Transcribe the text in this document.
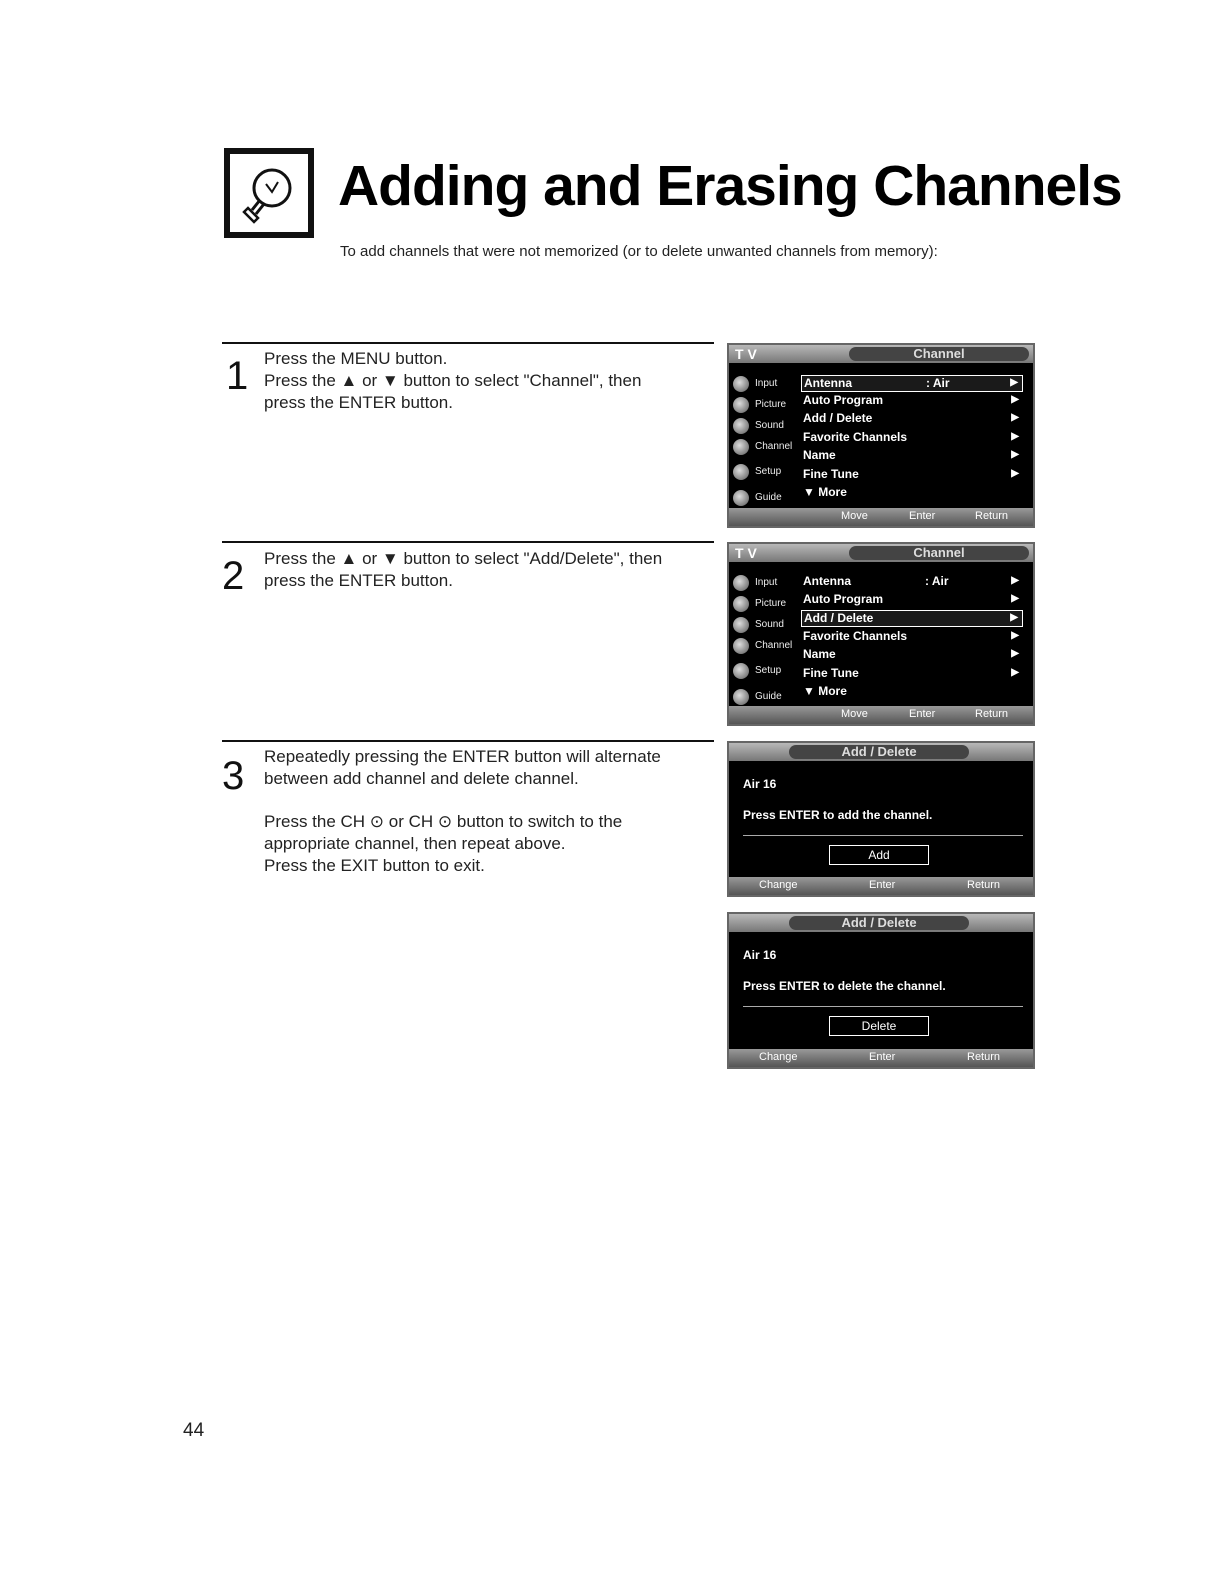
Adding and Erasing Channels
To add channels that were not memorized (or to delete unwanted channels from memory):
1 Press the MENU button.
Press the ▲ or ▼ button to select "Channel", then
press the ENTER button.
2 Press the ▲ or ▼ button to select "Add/Delete", then
press the ENTER button.
3 Repeatedly pressing the ENTER button will alternate
between add channel and delete channel.
Press the CH ⊙ or CH ⊙ button to switch to the
appropriate channel, then repeat above.
Press the EXIT button to exit.
T V	Channel
Input
Picture
Sound
Channel
Setup
Guide
Antenna	: Air	▶
Auto Program	▶
Add / Delete	▶
Favorite Channels	▶
Name	▶
Fine Tune	▶
▼ More
Move	Enter	Return
T V	Channel
Input
Picture
Sound
Channel
Setup
Guide
Antenna	: Air	▶
Auto Program	▶
Add / Delete	▶
Favorite Channels	▶
Name	▶
Fine Tune	▶
▼ More
Move	Enter	Return
Add / Delete
Air 16
Press ENTER to add the channel.
Add
Change	Enter	Return
Add / Delete
Air 16
Press ENTER to delete the channel.
Delete
Change	Enter	Return
44
